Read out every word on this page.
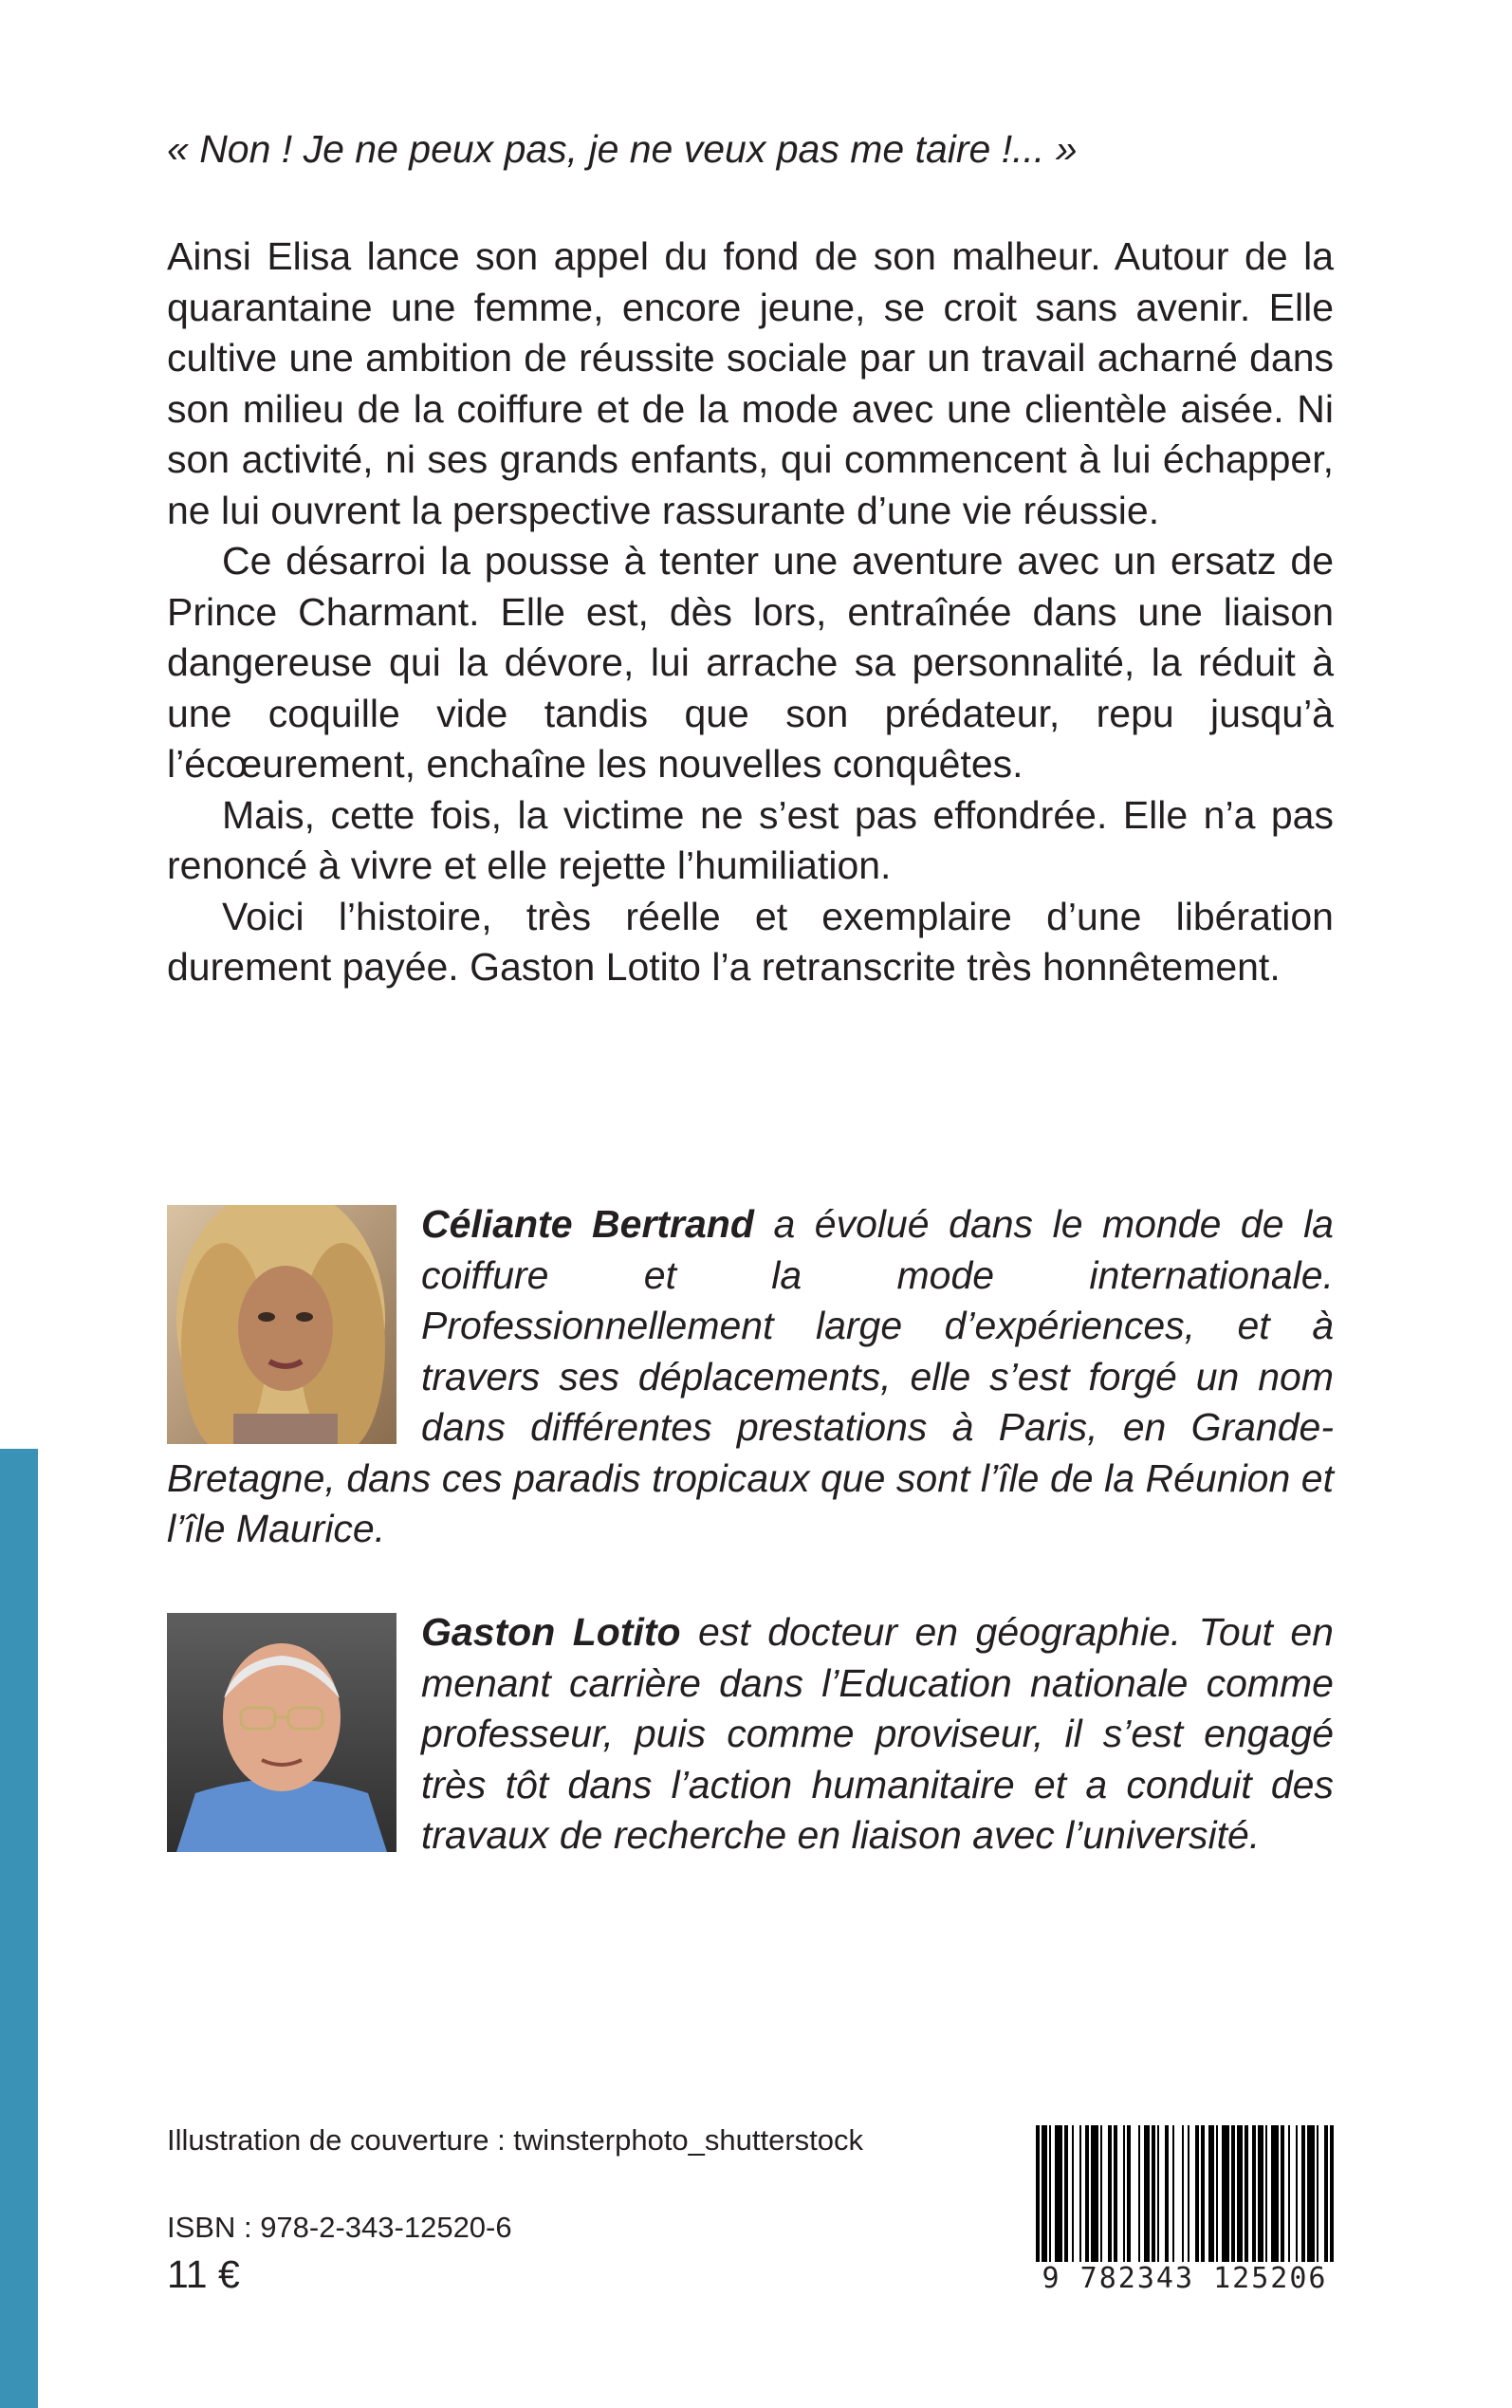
« Non ! Je ne peux pas, je ne veux pas me taire !... »

Ainsi Elisa lance son appel du fond de son malheur. Autour de la quarantaine une femme, encore jeune, se croit sans avenir. Elle cultive une ambition de réussite sociale par un travail acharné dans son milieu de la coiffure et de la mode avec une clientèle aisée. Ni son activité, ni ses grands enfants, qui commencent à lui échapper, ne lui ouvrent la perspective rassurante d’une vie réussie.

Ce désarroi la pousse à tenter une aventure avec un ersatz de Prince Charmant. Elle est, dès lors, entraînée dans une liaison dangereuse qui la dévore, lui arrache sa personnalité, la réduit à une coquille vide tandis que son prédateur, repu jusqu’à l’écœurement, enchaîne les nouvelles conquêtes.

Mais, cette fois, la victime ne s’est pas effondrée. Elle n’a pas renoncé à vivre et elle rejette l’humiliation.

Voici l’histoire, très réelle et exemplaire d’une libération durement payée. Gaston Lotito l’a retranscrite très honnêtement.

Céliante Bertrand a évolué dans le monde de la coiffure et la mode internationale. Professionnellement large d’expériences, et à travers ses déplacements, elle s’est forgé un nom dans différentes prestations à Paris, en Grande-Bretagne, dans ces paradis tropicaux que sont l’île de la Réunion et l’île Maurice.
Gaston Lotito est docteur en géographie. Tout en menant carrière dans l’Education nationale comme professeur, puis comme proviseur, il s’est engagé très tôt dans l’action humanitaire et a conduit des travaux de recherche en liaison avec l’université.
Illustration de couverture : twinsterphoto_shutterstock
ISBN : 978-2-343-12520-6
11 €	9 782343 125206
